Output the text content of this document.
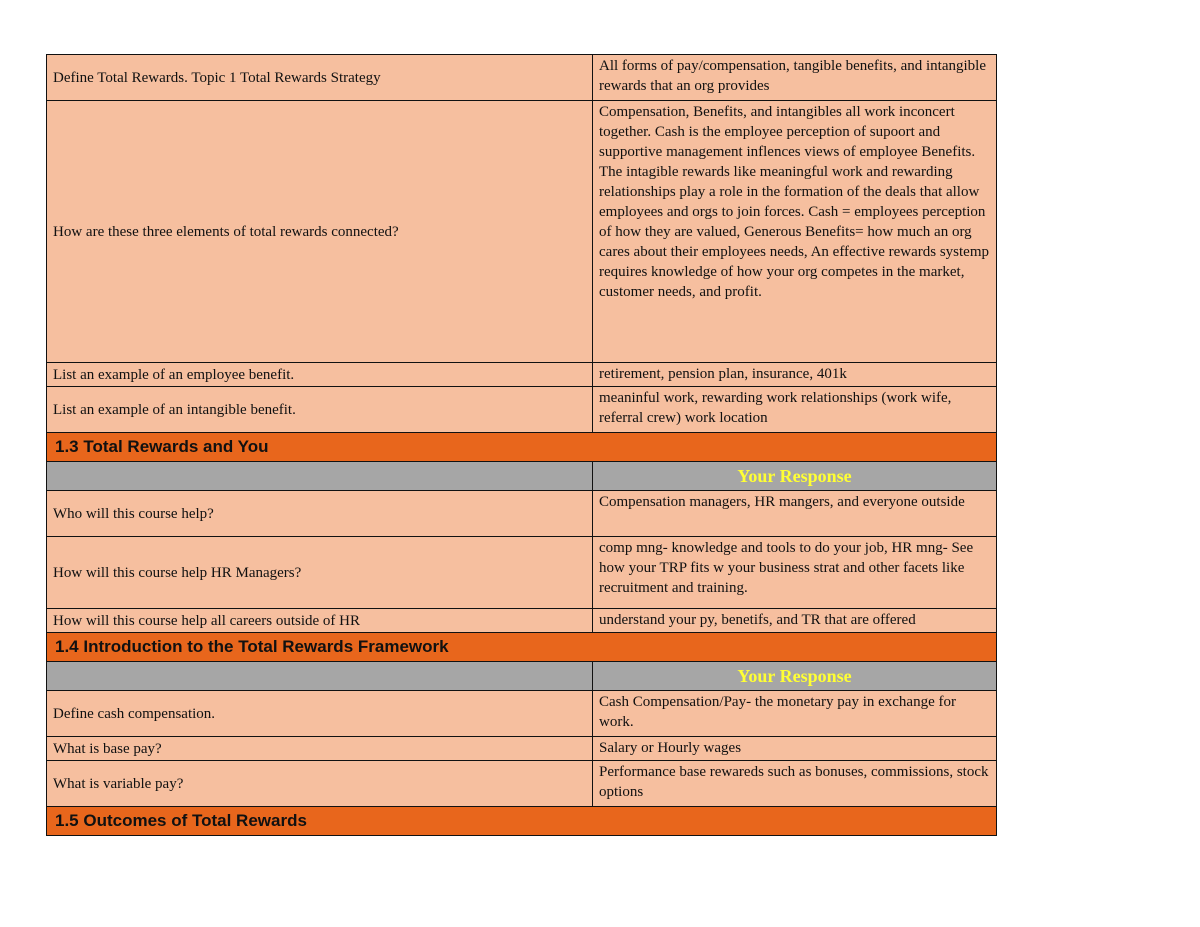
Define Total Rewards. Topic 1 Total Rewards Strategy	All forms of pay/compensation, tangible benefits, and intangible rewards that an org provides
How are these three elements of total rewards connected?	Compensation, Benefits, and intangibles all work inconcert together. Cash is the employee perception of supoort and supportive management inflences views of employee Benefits. The intagible rewards like meaningful work and rewarding relationships play a role in the formation of the deals that allow employees and orgs to join forces. Cash = employees perception of how they are valued, Generous Benefits= how much an org cares about their employees needs, An effective rewards systemp requires knowledge of how your org competes in the market, customer needs, and profit.
List an example of an employee benefit.	retirement, pension plan, insurance, 401k
List an example of an intangible benefit.	meaninful work, rewarding work relationships (work wife, referral crew) work location
1.3 Total Rewards and You	
	Your Response
Who will this course help?	Compensation managers, HR mangers, and everyone outside
How will this course help HR Managers?	comp mng- knowledge and tools to do your job, HR mng- See how your TRP fits w your business strat and other facets like recruitment and training.
How will this course help all careers outside of HR	understand your py, benetifs, and TR that are offered
1.4 Introduction to the Total Rewards Framework	
	Your Response
Define cash compensation.	Cash Compensation/Pay- the monetary pay in exchange for work.
What is base pay?	Salary or Hourly wages
What is variable pay?	Performance base rewareds such as bonuses, commissions, stock options
1.5 Outcomes of Total Rewards	
